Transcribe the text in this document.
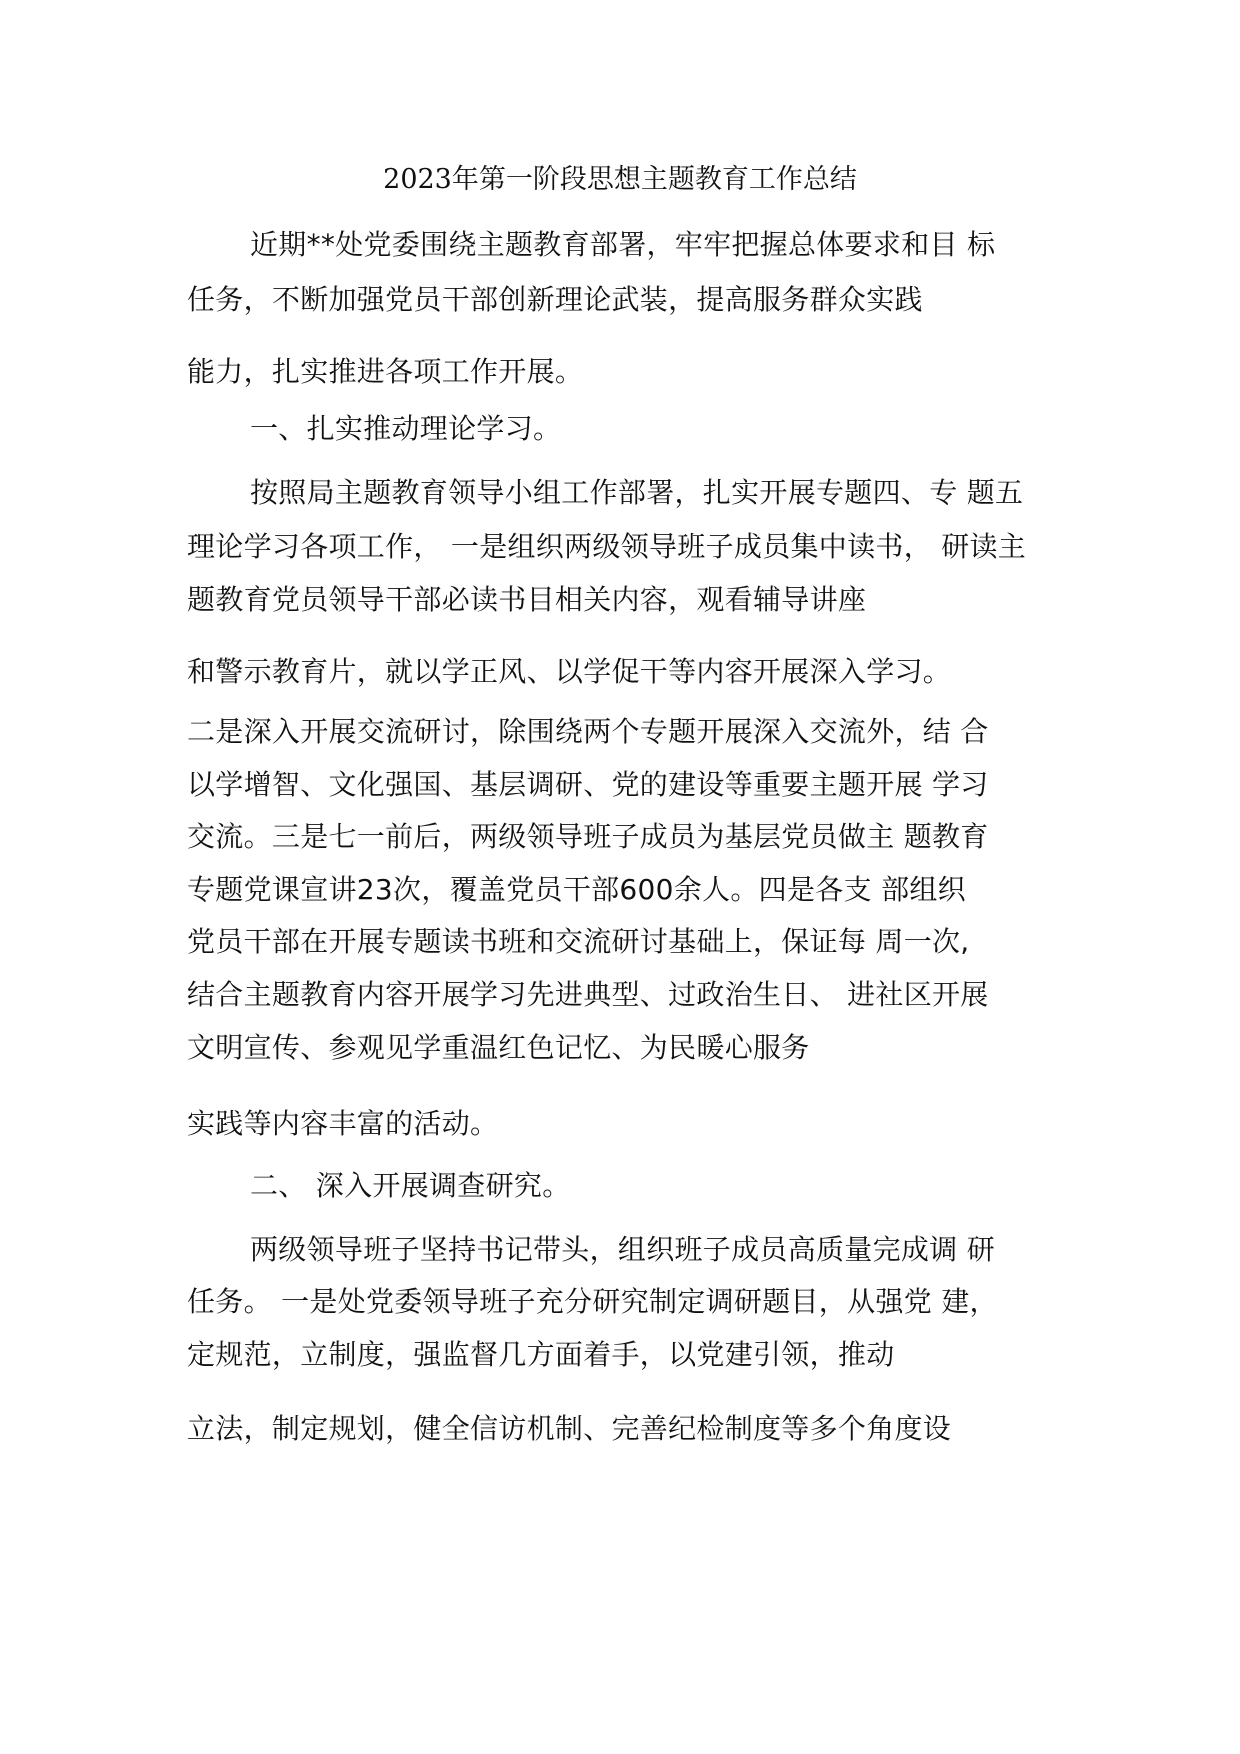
2023年第一阶段思想主题教育工作总结
近期**处党委围绕主题教育部署，牢牢把握总体要求和目 标
任务，不断加强党员干部创新理论武装，提高服务群众实践
能力，扎实推进各项工作开展。
一、扎实推动理论学习。
按照局主题教育领导小组工作部署，扎实开展专题四、专 题五
理论学习各项工作， 一是组织两级领导班子成员集中读书， 研读主
题教育党员领导干部必读书目相关内容，观看辅导讲座
和警示教育片，就以学正风、以学促干等内容开展深入学习。
二是深入开展交流研讨，除围绕两个专题开展深入交流外，结 合
以学增智、文化强国、基层调研、党的建设等重要主题开展 学习
交流。三是七一前后，两级领导班子成员为基层党员做主 题教育
专题党课宣讲23次，覆盖党员干部600余人。四是各支 部组织
党员干部在开展专题读书班和交流研讨基础上，保证每 周一次,
结合主题教育内容开展学习先进典型、过政治生日、 进社区开展
文明宣传、参观见学重温红色记忆、为民暖心服务
实践等内容丰富的活动。
二、 深入开展调查研究。
两级领导班子坚持书记带头，组织班子成员高质量完成调 研
任务。 一是处党委领导班子充分研究制定调研题目，从强党 建，
定规范，立制度，强监督几方面着手，以党建引领，推动
立法，制定规划，健全信访机制、完善纪检制度等多个角度设
